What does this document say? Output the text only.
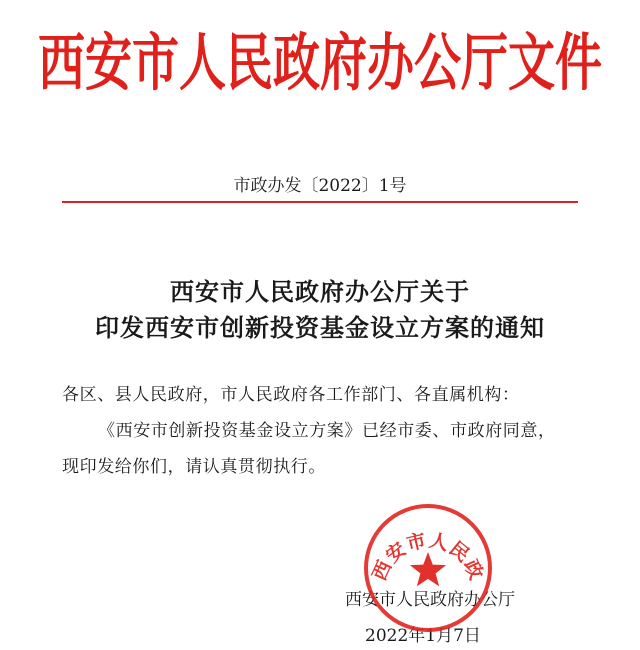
西安市人民政府办公厅文件
市政办发〔2022〕1号
西安市人民政府办公厅关于
印发西安市创新投资基金设立方案的通知
各区、县人民政府，市人民政府各工作部门、各直属机构：
《西安市创新投资基金设立方案》已经市委、市政府同意，
现印发给你们，请认真贯彻执行。
西安市人民政府办公厅
2022年1月7日
西安市人民政
